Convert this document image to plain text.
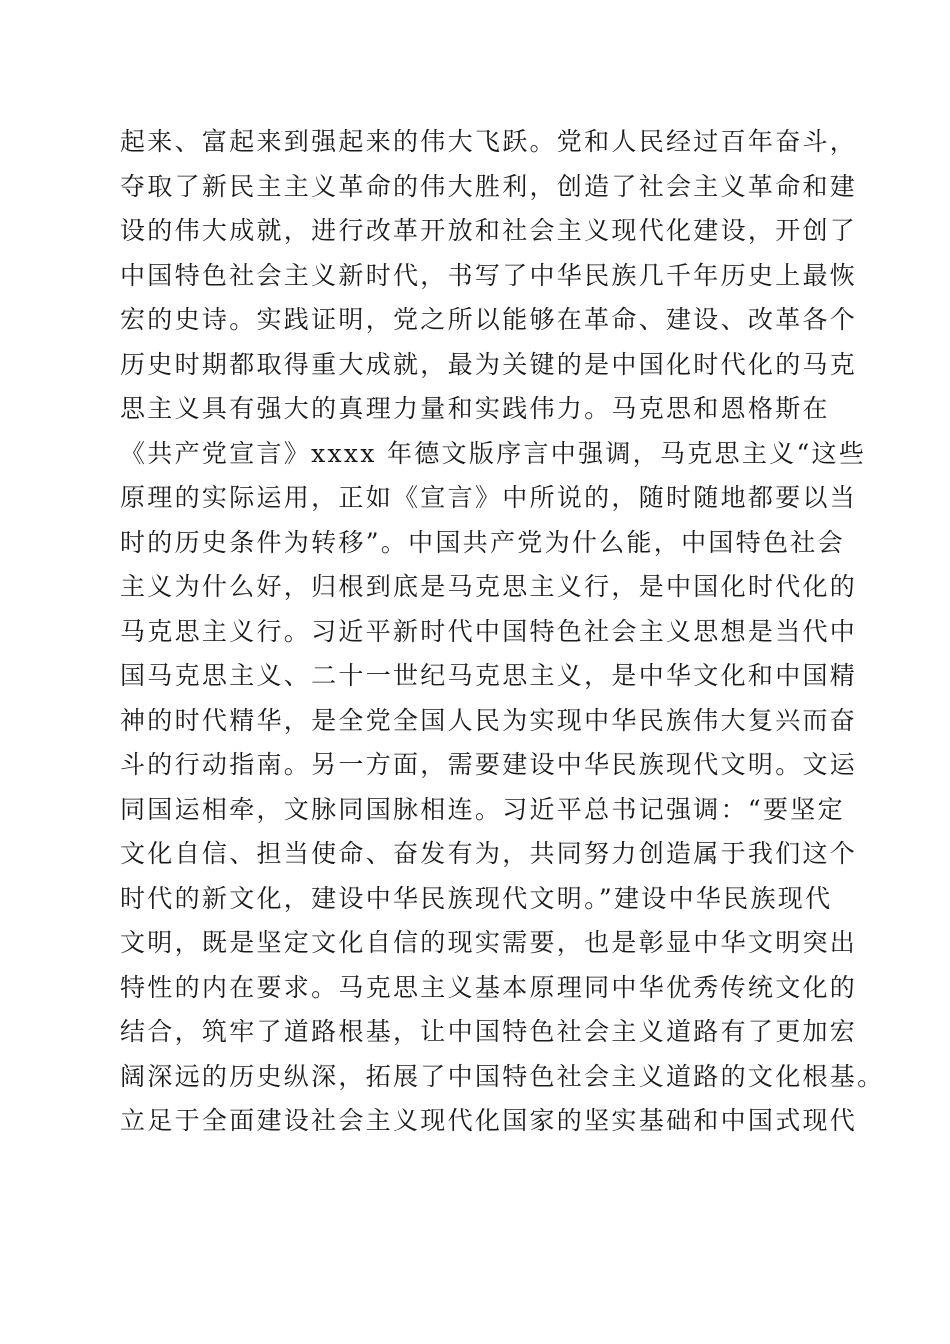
起来、富起来到强起来的伟大飞跃。党和人民经过百年奋斗，
夺取了新民主主义革命的伟大胜利，创造了社会主义革命和建
设的伟大成就，进行改革开放和社会主义现代化建设，开创了
中国特色社会主义新时代，书写了中华民族几千年历史上最恢
宏的史诗。实践证明，党之所以能够在革命、建设、改革各个
历史时期都取得重大成就，最为关键的是中国化时代化的马克
思主义具有强大的真理力量和实践伟力。马克思和恩格斯在
《共产党宣言》xxxx 年德文版序言中强调，马克思主义“这些
原理的实际运用，正如《宣言》中所说的，随时随地都要以当
时的历史条件为转移”。中国共产党为什么能，中国特色社会
主义为什么好，归根到底是马克思主义行，是中国化时代化的
马克思主义行。习近平新时代中国特色社会主义思想是当代中
国马克思主义、二十一世纪马克思主义，是中华文化和中国精
神的时代精华，是全党全国人民为实现中华民族伟大复兴而奋
斗的行动指南。另一方面，需要建设中华民族现代文明。文运
同国运相牵，文脉同国脉相连。习近平总书记强调：“要坚定
文化自信、担当使命、奋发有为，共同努力创造属于我们这个
时代的新文化，建设中华民族现代文明。”建设中华民族现代
文明，既是坚定文化自信的现实需要，也是彰显中华文明突出
特性的内在要求。马克思主义基本原理同中华优秀传统文化的
结合，筑牢了道路根基，让中国特色社会主义道路有了更加宏
阔深远的历史纵深，拓展了中国特色社会主义道路的文化根基。
立足于全面建设社会主义现代化国家的坚实基础和中国式现代
